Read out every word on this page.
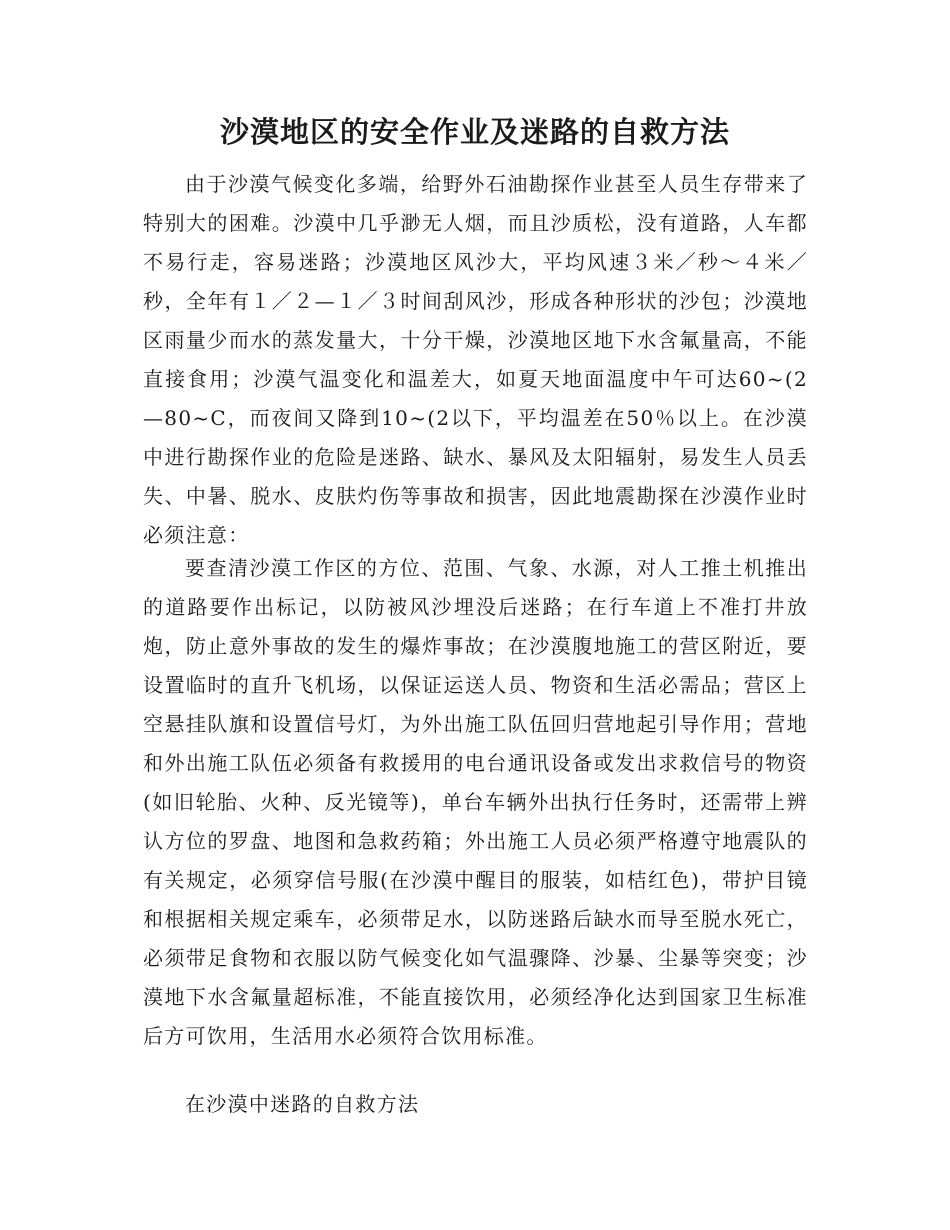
沙漠地区的安全作业及迷路的自救方法

由于沙漠气候变化多端，给野外石油勘探作业甚至人员生存带来了特别大的困难。沙漠中几乎渺无人烟，而且沙质松，没有道路，人车都不易行走，容易迷路；沙漠地区风沙大，平均风速３米／秒～４米／秒，全年有１／２—１／３时间刮风沙，形成各种形状的沙包；沙漠地区雨量少而水的蒸发量大，十分干燥，沙漠地区地下水含氟量高，不能直接食用；沙漠气温变化和温差大，如夏天地面温度中午可达60~(2—80~C，而夜间又降到10~(2以下，平均温差在50％以上。在沙漠中进行勘探作业的危险是迷路、缺水、暴风及太阳辐射，易发生人员丢失、中暑、脱水、皮肤灼伤等事故和损害，因此地震勘探在沙漠作业时必须注意：

要查清沙漠工作区的方位、范围、气象、水源，对人工推土机推出的道路要作出标记，以防被风沙埋没后迷路；在行车道上不准打井放炮，防止意外事故的发生的爆炸事故；在沙漠腹地施工的营区附近，要设置临时的直升飞机场，以保证运送人员、物资和生活必需品；营区上空悬挂队旗和设置信号灯，为外出施工队伍回归营地起引导作用；营地和外出施工队伍必须备有救援用的电台通讯设备或发出求救信号的物资(如旧轮胎、火种、反光镜等)，单台车辆外出执行任务时，还需带上辨认方位的罗盘、地图和急救药箱；外出施工人员必须严格遵守地震队的有关规定，必须穿信号服(在沙漠中醒目的服装，如桔红色)，带护目镜和根据相关规定乘车，必须带足水，以防迷路后缺水而导至脱水死亡，必须带足食物和衣服以防气候变化如气温骤降、沙暴、尘暴等突变；沙漠地下水含氟量超标准，不能直接饮用，必须经净化达到国家卫生标准后方可饮用，生活用水必须符合饮用标准。

在沙漠中迷路的自救方法
